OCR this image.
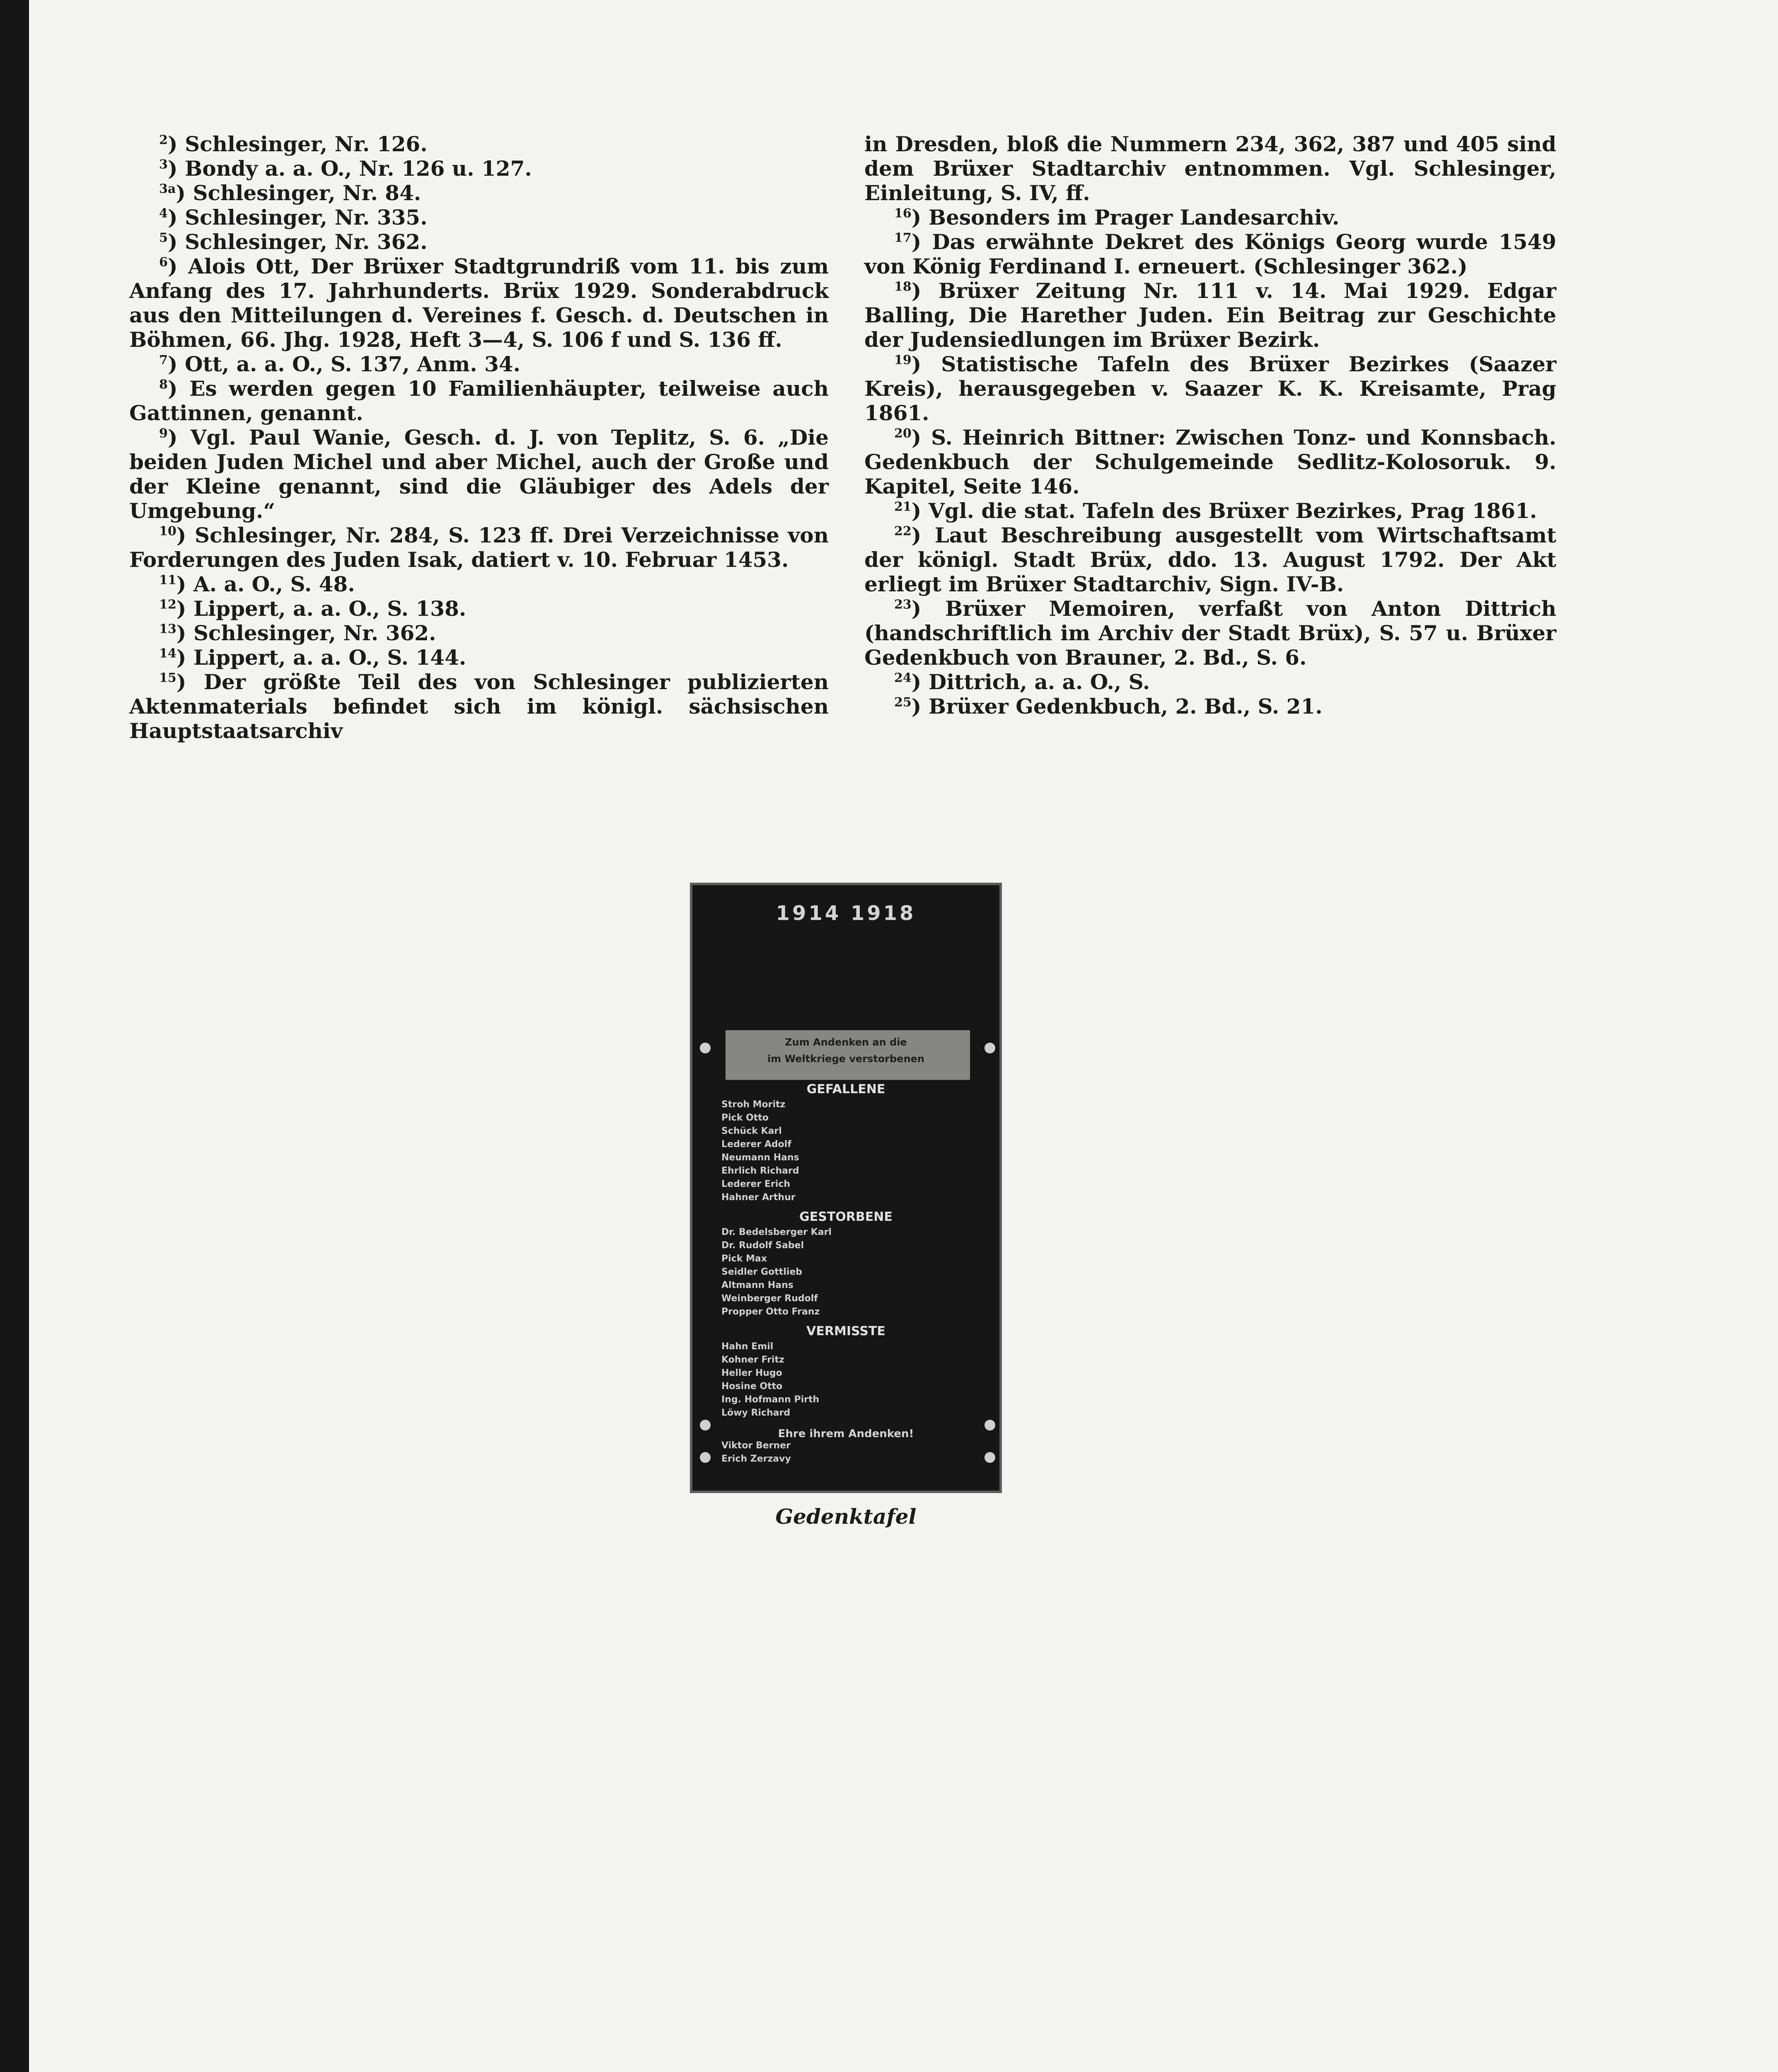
$^2$) Schlesinger, Nr. 126.

$^3$) Bondy a. a. O., Nr. 126 u. 127.

$^{3a}$) Schlesinger, Nr. 84.

$^4$) Schlesinger, Nr. 335.

$^5$) Schlesinger, Nr. 362.

$^6$) Alois Ott, Der Brüxer Stadtgrundriß vom 11. bis zum Anfang des 17. Jahrhunderts. Brüx 1929. Sonderabdruck aus den Mitteilungen d. Vereines f. Gesch. d. Deutschen in Böhmen, 66. Jhg. 1928, Heft 3—4, S. 106 f und S. 136 ff.

$^7$) Ott, a. a. O., S. 137, Anm. 34.

$^8$) Es werden gegen 10 Familienhäupter, teilweise auch Gattinnen, genannt.

$^9$) Vgl. Paul Wanie, Gesch. d. J. von Teplitz, S. 6. „Die beiden Juden Michel und aber Michel, auch der Große und der Kleine genannt, sind die Gläubiger des Adels der Umgebung.“

$^{10}$) Schlesinger, Nr. 284, S. 123 ff. Drei Verzeichnisse von Forderungen des Juden Isak, datiert v. 10. Februar 1453.

$^{11}$) A. a. O., S. 48.

$^{12}$) Lippert, a. a. O., S. 138.

$^{13}$) Schlesinger, Nr. 362.

$^{14}$) Lippert, a. a. O., S. 144.

$^{15}$) Der größte Teil des von Schlesinger publizierten Aktenmaterials befindet sich im königl. sächsischen Hauptstaatsarchiv

in Dresden, bloß die Nummern 234, 362, 387 und 405 sind dem Brüxer Stadtarchiv entnommen. Vgl. Schlesinger, Einleitung, S. IV, ff.

$^{16}$) Besonders im Prager Landesarchiv.

$^{17}$) Das erwähnte Dekret des Königs Georg wurde 1549 von König Ferdinand I. erneuert. (Schlesinger 362.)

$^{18}$) Brüxer Zeitung Nr. 111 v. 14. Mai 1929. Edgar Balling, Die Harether Juden. Ein Beitrag zur Geschichte der Judensiedlungen im Brüxer Bezirk.

$^{19}$) Statistische Tafeln des Brüxer Bezirkes (Saazer Kreis), herausgegeben v. Saazer K. K. Kreisamte, Prag 1861.

$^{20}$) S. Heinrich Bittner: Zwischen Tonz- und Konnsbach. Gedenkbuch der Schulgemeinde Sedlitz-Kolosoruk. 9. Kapitel, Seite 146.

$^{21}$) Vgl. die stat. Tafeln des Brüxer Bezirkes, Prag 1861.

$^{22}$) Laut Beschreibung ausgestellt vom Wirtschaftsamt der königl. Stadt Brüx, ddo. 13. August 1792. Der Akt erliegt im Brüxer Stadtarchiv, Sign. IV-B.

$^{23}$) Brüxer Memoiren, verfaßt von Anton Dittrich (handschriftlich im Archiv der Stadt Brüx), S. 57 u. Brüxer Gedenkbuch von Brauner, 2. Bd., S. 6.

$^{24}$) Dittrich, a. a. O., S.

$^{25}$) Brüxer Gedenkbuch, 2. Bd., S. 21.

1914 1918
Zum Andenken an die
im Weltkriege verstorbenen
GEFALLENE
Stroh Moritz
Pick Otto
Schück Karl
Lederer Adolf
Neumann Hans
Ehrlich Richard
Lederer Erich
Hahner Arthur
GESTORBENE
Dr. Bedelsberger Karl
Dr. Rudolf Sabel
Pick Max
Seidler Gottlieb
Altmann Hans
Weinberger Rudolf
Propper Otto Franz
VERMISSTE
Hahn Emil
Kohner Fritz
Heller Hugo
Hosine Otto
Ing. Hofmann Pirth
Löwy Richard
Ehre ihrem Andenken!
Viktor Berner
Erich Zerzavy
Gedenktafel
